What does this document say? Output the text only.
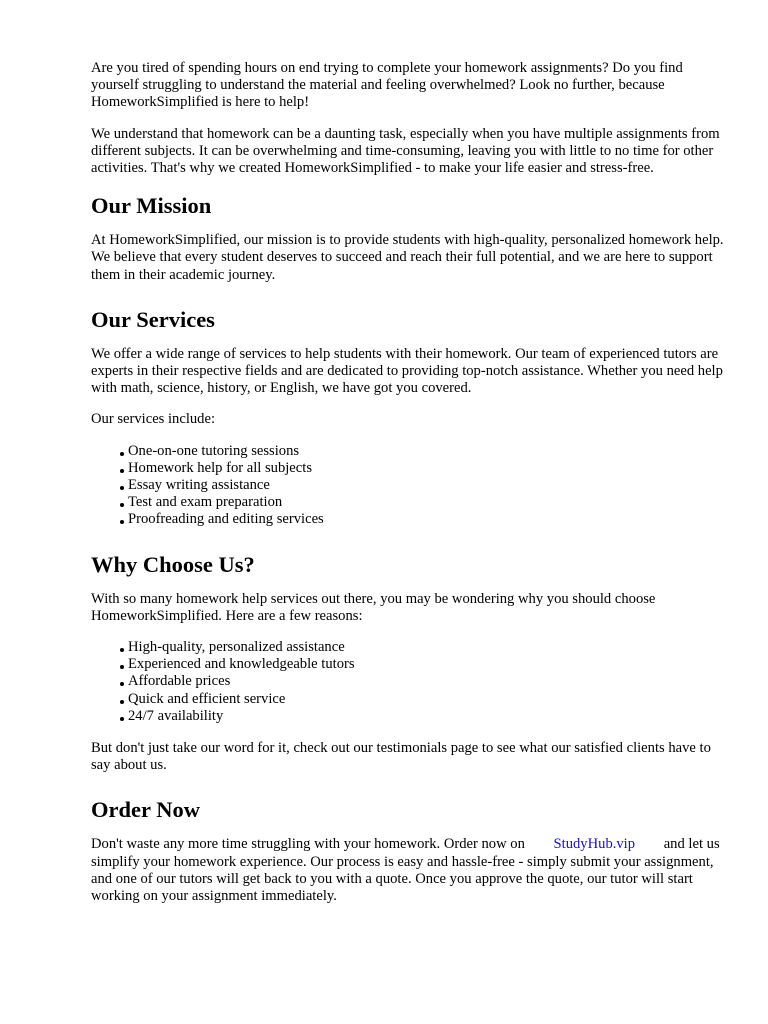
Are you tired of spending hours on end trying to complete your homework assignments? Do you find yourself struggling to understand the material and feeling overwhelmed? Look no further, because HomeworkSimplified is here to help!

We understand that homework can be a daunting task, especially when you have multiple assignments from different subjects. It can be overwhelming and time-consuming, leaving you with little to no time for other activities. That's why we created HomeworkSimplified - to make your life easier and stress-free.

Our Mission

At HomeworkSimplified, our mission is to provide students with high-quality, personalized homework help. We believe that every student deserves to succeed and reach their full potential, and we are here to support them in their academic journey.

Our Services

We offer a wide range of services to help students with their homework. Our team of experienced tutors are experts in their respective fields and are dedicated to providing top-notch assistance. Whether you need help with math, science, history, or English, we have got you covered.

Our services include:

One-on-one tutoring sessions
Homework help for all subjects
Essay writing assistance
Test and exam preparation
Proofreading and editing services
Why Choose Us?

With so many homework help services out there, you may be wondering why you should choose HomeworkSimplified. Here are a few reasons:

High-quality, personalized assistance
Experienced and knowledgeable tutors
Affordable prices
Quick and efficient service
24/7 availability

But don't just take our word for it, check out our testimonials page to see what our satisfied clients have to say about us.

Order Now

Don't waste any more time struggling with your homework. Order now on StudyHub.vip and let us simplify your homework experience. Our process is easy and hassle-free - simply submit your assignment, and one of our tutors will get back to you with a quote. Once you approve the quote, our tutor will start working on your assignment immediately.
